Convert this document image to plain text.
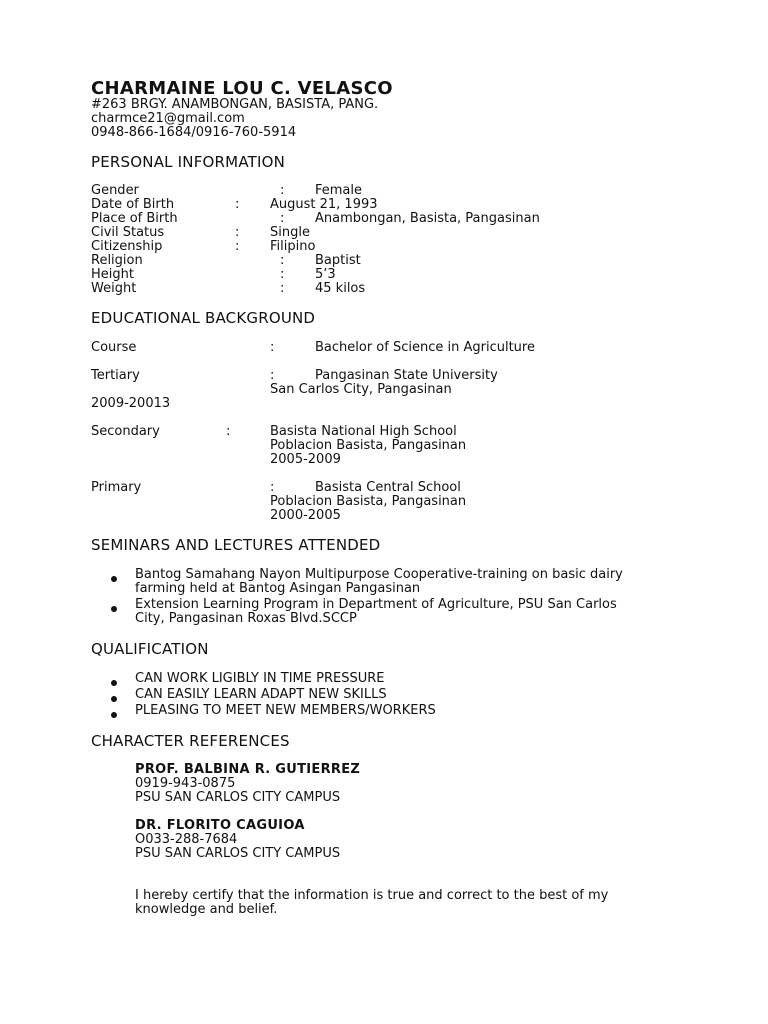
CHARMAINE LOU C. VELASCO
#263 BRGY. ANAMBONGAN, BASISTA, PANG.
charmce21@gmail.com
0948-866-1684/0916-760-5914
PERSONAL INFORMATION
Gender	: Female
Date of Birth	: August 21, 1993
Place of Birth	: Anambongan, Basista, Pangasinan
Civil Status	: Single
Citizenship	: Filipino
Religion	: Baptist
Height	: 5’3
Weight	: 45 kilos
EDUCATIONAL BACKGROUND
Course	:	Bachelor of Science in Agriculture
Tertiary	:	Pangasinan State University
San Carlos City, Pangasinan
2009-20013
Secondary	:	Basista National High School
Poblacion Basista, Pangasinan
2005-2009
Primary	:	Basista Central School
Poblacion Basista, Pangasinan
2000-2005
SEMINARS AND LECTURES ATTENDED
Bantog Samahang Nayon Multipurpose Cooperative-training on basic dairy
farming held at Bantog Asingan Pangasinan
Extension Learning Program in Department of Agriculture, PSU San Carlos
City, Pangasinan Roxas Blvd.SCCP
QUALIFICATION
CAN WORK LIGIBLY IN TIME PRESSURE
CAN EASILY LEARN ADAPT NEW SKILLS
PLEASING TO MEET NEW MEMBERS/WORKERS
CHARACTER REFERENCES
PROF. BALBINA R. GUTIERREZ
0919-943-0875
PSU SAN CARLOS CITY CAMPUS
DR. FLORITO CAGUIOA
O033-288-7684
PSU SAN CARLOS CITY CAMPUS
I hereby certify that the information is true and correct to the best of my
knowledge and belief.
